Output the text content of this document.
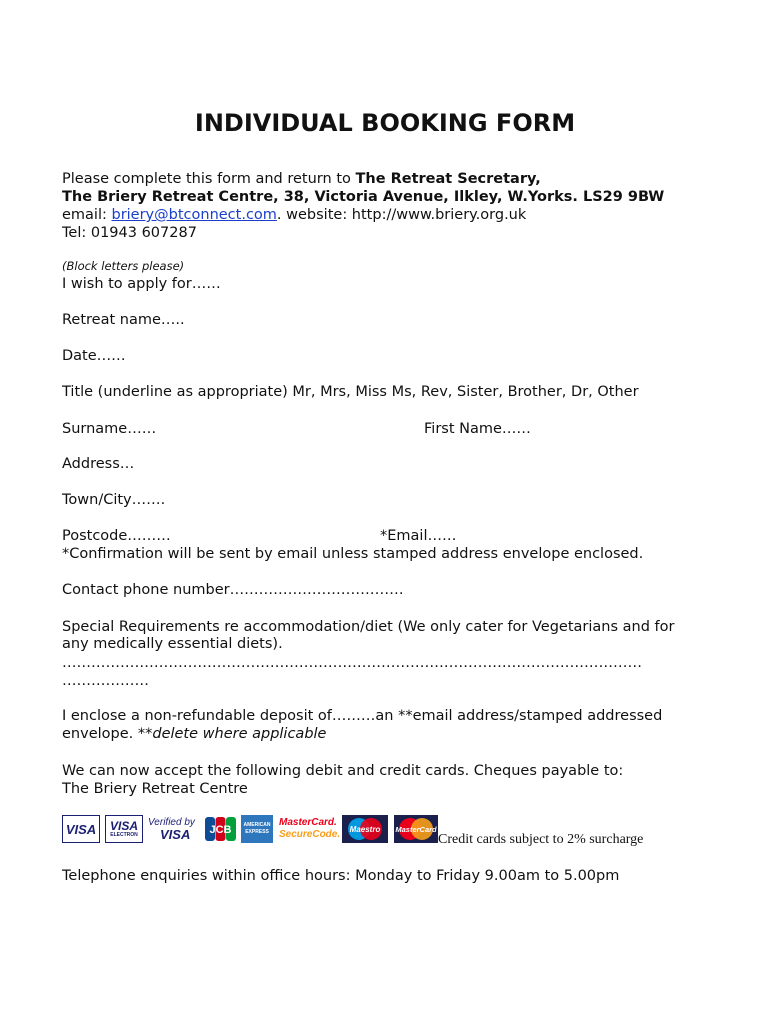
INDIVIDUAL BOOKING FORM
Please complete this form and return to The Retreat Secretary,
The Briery Retreat Centre, 38, Victoria Avenue, Ilkley, W.Yorks. LS29 9BW
email: briery@btconnect.com. website: http://www.briery.org.uk
Tel: 01943 607287
(Block letters please)
I wish to apply for……
Retreat name…..
Date……
Title (underline as appropriate) Mr, Mrs, Miss Ms, Rev, Sister, Brother, Dr, Other
Surname……	First Name……
Address…
Town/City…….
Postcode………	*Email……
*Confirmation will be sent by email unless stamped address envelope enclosed.
Contact phone number………………………………
Special Requirements re accommodation/diet (We only cater for Vegetarians and for
any medically essential diets).
…………………………………………………………………………………………………………
………………
I enclose a non-refundable deposit of………an **email address/stamped addressed
envelope. **delete where applicable
We can now accept the following debit and credit cards. Cheques payable to:
The Briery Retreat Centre
VISA VISA
ELECTRON
Verified by
VISA JCB AMERICAN
EXPRESS
MasterCard.
SecureCode. Maestro MasterCard
Credit cards subject to 2% surcharge
Telephone enquiries within office hours: Monday to Friday 9.00am to 5.00pm
